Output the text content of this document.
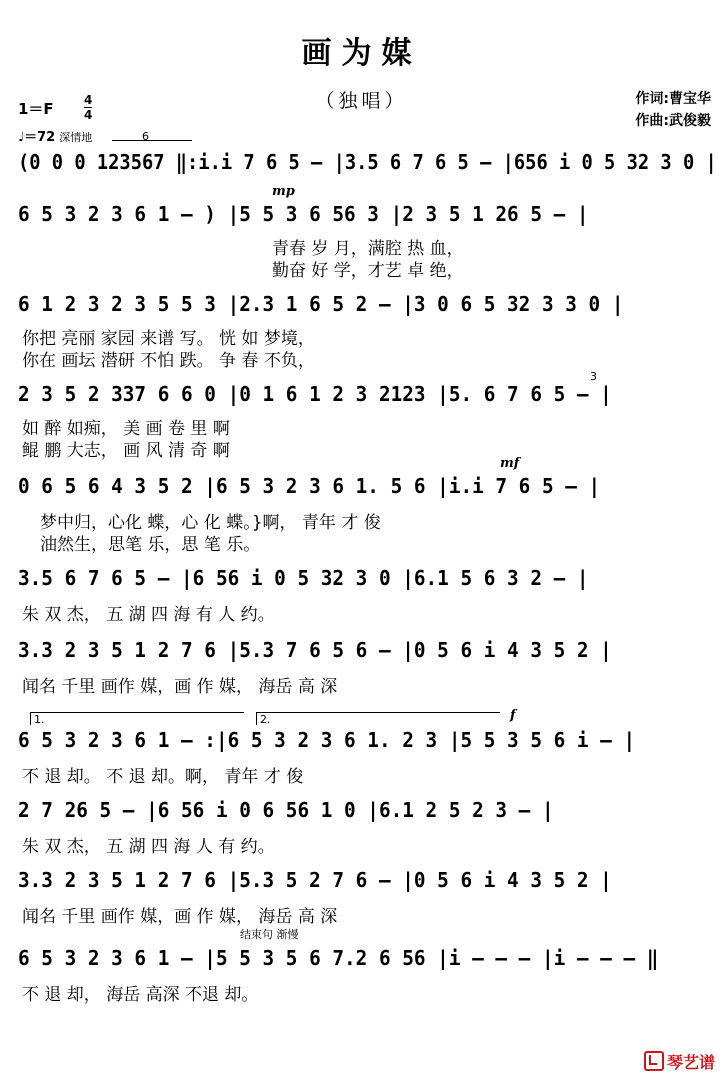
画为媒
（独唱）	作词:曹宝华
作曲:武俊毅
1＝F	4
4
♩＝72 深情地	6
mp
3
mf
1.	2.	f
结束句 渐慢
(0 0 0 123567 ‖:i.i 7 6 5 – |3.5 6 7 6 5 – |656 i 0 5 32 3 0 |
6 5 3 2 3 6 1 – ) |5 5 3 6 56 3 |2 3 5 1 26 5 – |
青春 岁 月，满腔 热 血，
勤奋 好 学，才艺 卓 绝，
6 1 2 3 2 3 5 5 3 |2.3 1 6 5 2 – |3 0 6 5 32 3 3 0 |
你把 亮丽 家园 来谱 写。 恍 如 梦境，
你在 画坛 潜研 不怕 跌。 争 春 不负，
2 3 5 2 337 6 6 0 |0 1 6 1 2 3 2123 |5. 6 7 6 5 – |
如 醉 如痴， 美 画 卷 里 啊
鲲 鹏 大志， 画 风 清 奇 啊
0 6 5 6 4 3 5 2 |6 5 3 2 3 6 1. 5 6 |i.i 7 6 5 – |
梦中归，心化 蝶，心 化 蝶。}啊， 青年 才 俊
油然生，思笔 乐，思 笔 乐。
3.5 6 7 6 5 – |6 56 i 0 5 32 3 0 |6.1 5 6 3 2 – |
朱 双 杰， 五 湖 四 海 有 人 约。
3.3 2 3 5 1 2 7 6 |5.3 7 6 5 6 – |0 5 6 i 4 3 5 2 |
闻名 千里 画作 媒，画 作 媒， 海岳 高 深
6 5 3 2 3 6 1 – :|6 5 3 2 3 6 1. 2 3 |5 5 3 5 6 i – |
不 退 却。 不 退 却。啊， 青年 才 俊
2 7 26 5 – |6 56 i 0 6 56 1 0 |6.1 2 5 2 3 – |
朱 双 杰， 五 湖 四 海 人 有 约。
3.3 2 3 5 1 2 7 6 |5.3 5 2 7 6 – |0 5 6 i 4 3 5 2 |
闻名 千里 画作 媒，画 作 媒， 海岳 高 深
6 5 3 2 3 6 1 – |5 5 3 5 6 7.2 6 56 |i – – – |i – – – ‖
不 退 却， 海岳 高深 不退 却。
琴艺谱
